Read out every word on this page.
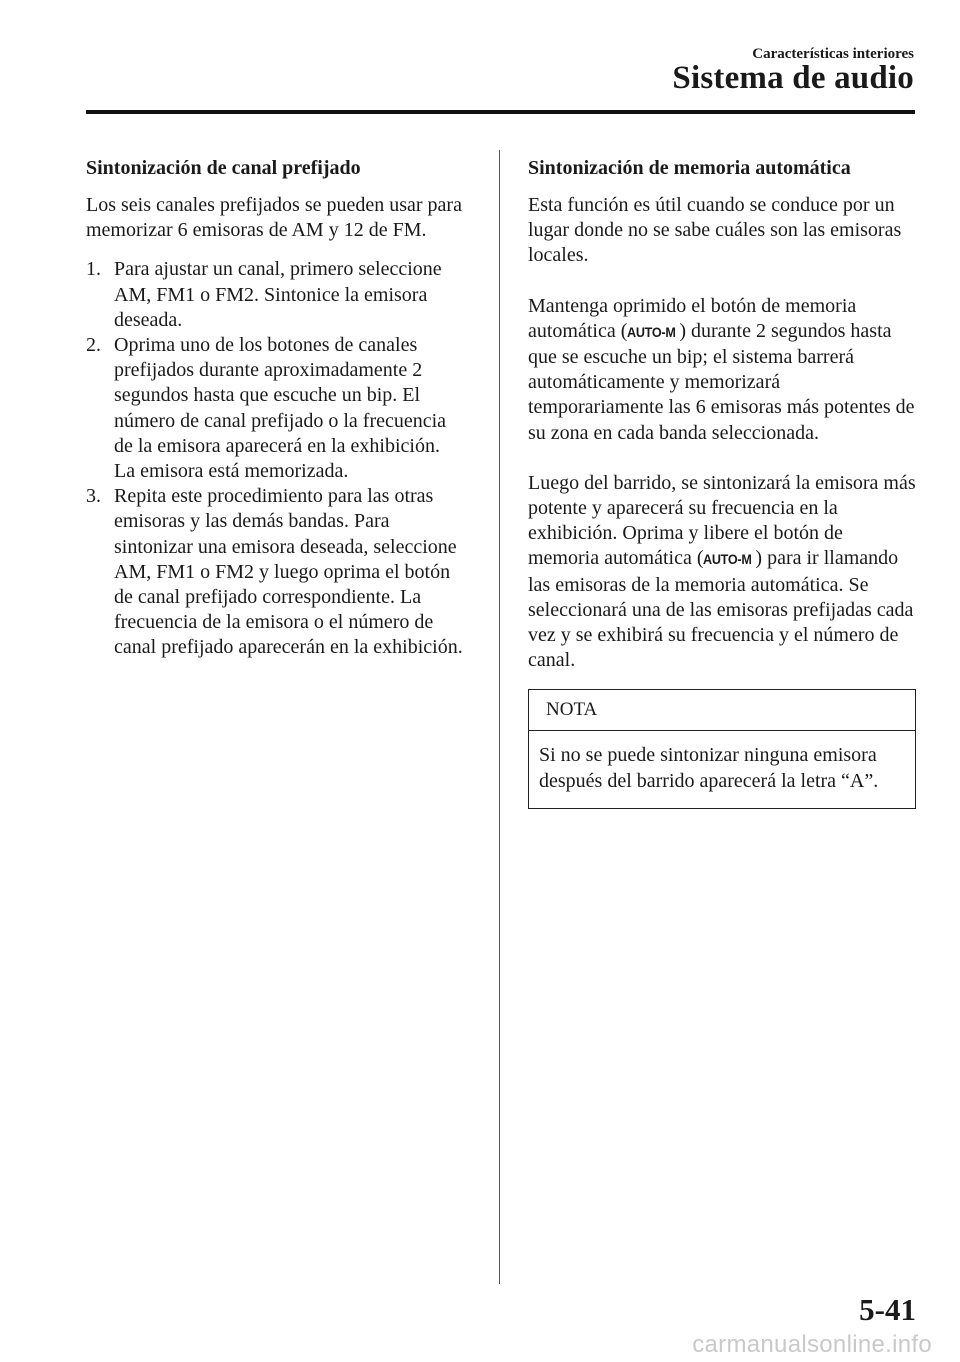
Características interiores
Sistema de audio
Sintonización de canal prefijado

Los seis canales prefijados se pueden usar para memorizar 6 emisoras de AM y 12 de FM.

1. Para ajustar un canal, primero seleccione AM, FM1 o FM2. Sintonice la emisora deseada.
2. Oprima uno de los botones de canales prefijados durante aproximadamente 2 segundos hasta que escuche un bip. El número de canal prefijado o la frecuencia de la emisora aparecerá en la exhibición. La emisora está memorizada.
3. Repita este procedimiento para las otras emisoras y las demás bandas. Para sintonizar una emisora deseada, seleccione AM, FM1 o FM2 y luego oprima el botón de canal prefijado correspondiente. La frecuencia de la emisora o el número de canal prefijado aparecerán en la exhibición.
Sintonización de memoria automática

Esta función es útil cuando se conduce por un lugar donde no se sabe cuáles son las emisoras locales.

Mantenga oprimido el botón de memoria automática (AUTO-M ) durante 2 segundos hasta que se escuche un bip; el sistema barrerá automáticamente y memorizará temporariamente las 6 emisoras más potentes de su zona en cada banda seleccionada.

Luego del barrido, se sintonizará la emisora más potente y aparecerá su frecuencia en la exhibición. Oprima y libere el botón de memoria automática (AUTO-M ) para ir llamando las emisoras de la memoria automática. Se seleccionará una de las emisoras prefijadas cada vez y se exhibirá su frecuencia y el número de canal.

NOTA
Si no se puede sintonizar ninguna emisora después del barrido aparecerá la letra “A”.
5-41
carmanualsonline.info
